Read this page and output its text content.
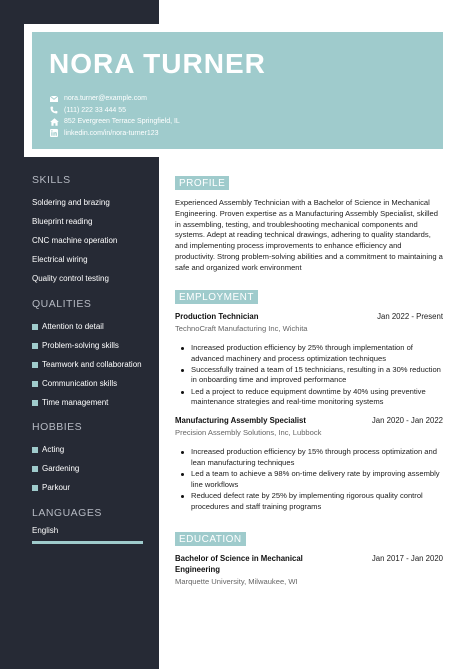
NORA TURNER
nora.turner@example.com
(111) 222 33 444 55
852 Evergreen Terrace Springfield, IL
linkedin.com/in/nora-turner123
SKILLS
Soldering and brazing
Blueprint reading
CNC machine operation
Electrical wiring
Quality control testing
QUALITIES
Attention to detail
Problem-solving skills
Teamwork and collaboration
Communication skills
Time management
HOBBIES
Acting
Gardening
Parkour
LANGUAGES
English
PROFILE

Experienced Assembly Technician with a Bachelor of Science in Mechanical Engineering. Proven expertise as a Manufacturing Assembly Specialist, skilled in assembling, testing, and troubleshooting mechanical components and systems. Adept at reading technical drawings, adhering to quality standards, and implementing process improvements to enhance efficiency and productivity. Strong problem-solving abilities and a commitment to maintaining a safe and organized work environment

EMPLOYMENT
Production Technician	Jan 2022 - Present
TechnoCraft Manufacturing Inc, Wichita
Increased production efficiency by 25% through implementation of advanced machinery and process optimization techniques
Successfully trained a team of 15 technicians, resulting in a 30% reduction in onboarding time and improved performance
Led a project to reduce equipment downtime by 40% using preventive maintenance strategies and real-time monitoring systems
Manufacturing Assembly Specialist	Jan 2020 - Jan 2022
Precision Assembly Solutions, Inc, Lubbock
Increased production efficiency by 15% through process optimization and lean manufacturing techniques
Led a team to achieve a 98% on-time delivery rate by improving assembly line workflows
Reduced defect rate by 25% by implementing rigorous quality control procedures and staff training programs
EDUCATION
Bachelor of Science in Mechanical Engineering
Jan 2017 - Jan 2020
Marquette University, Milwaukee, WI
